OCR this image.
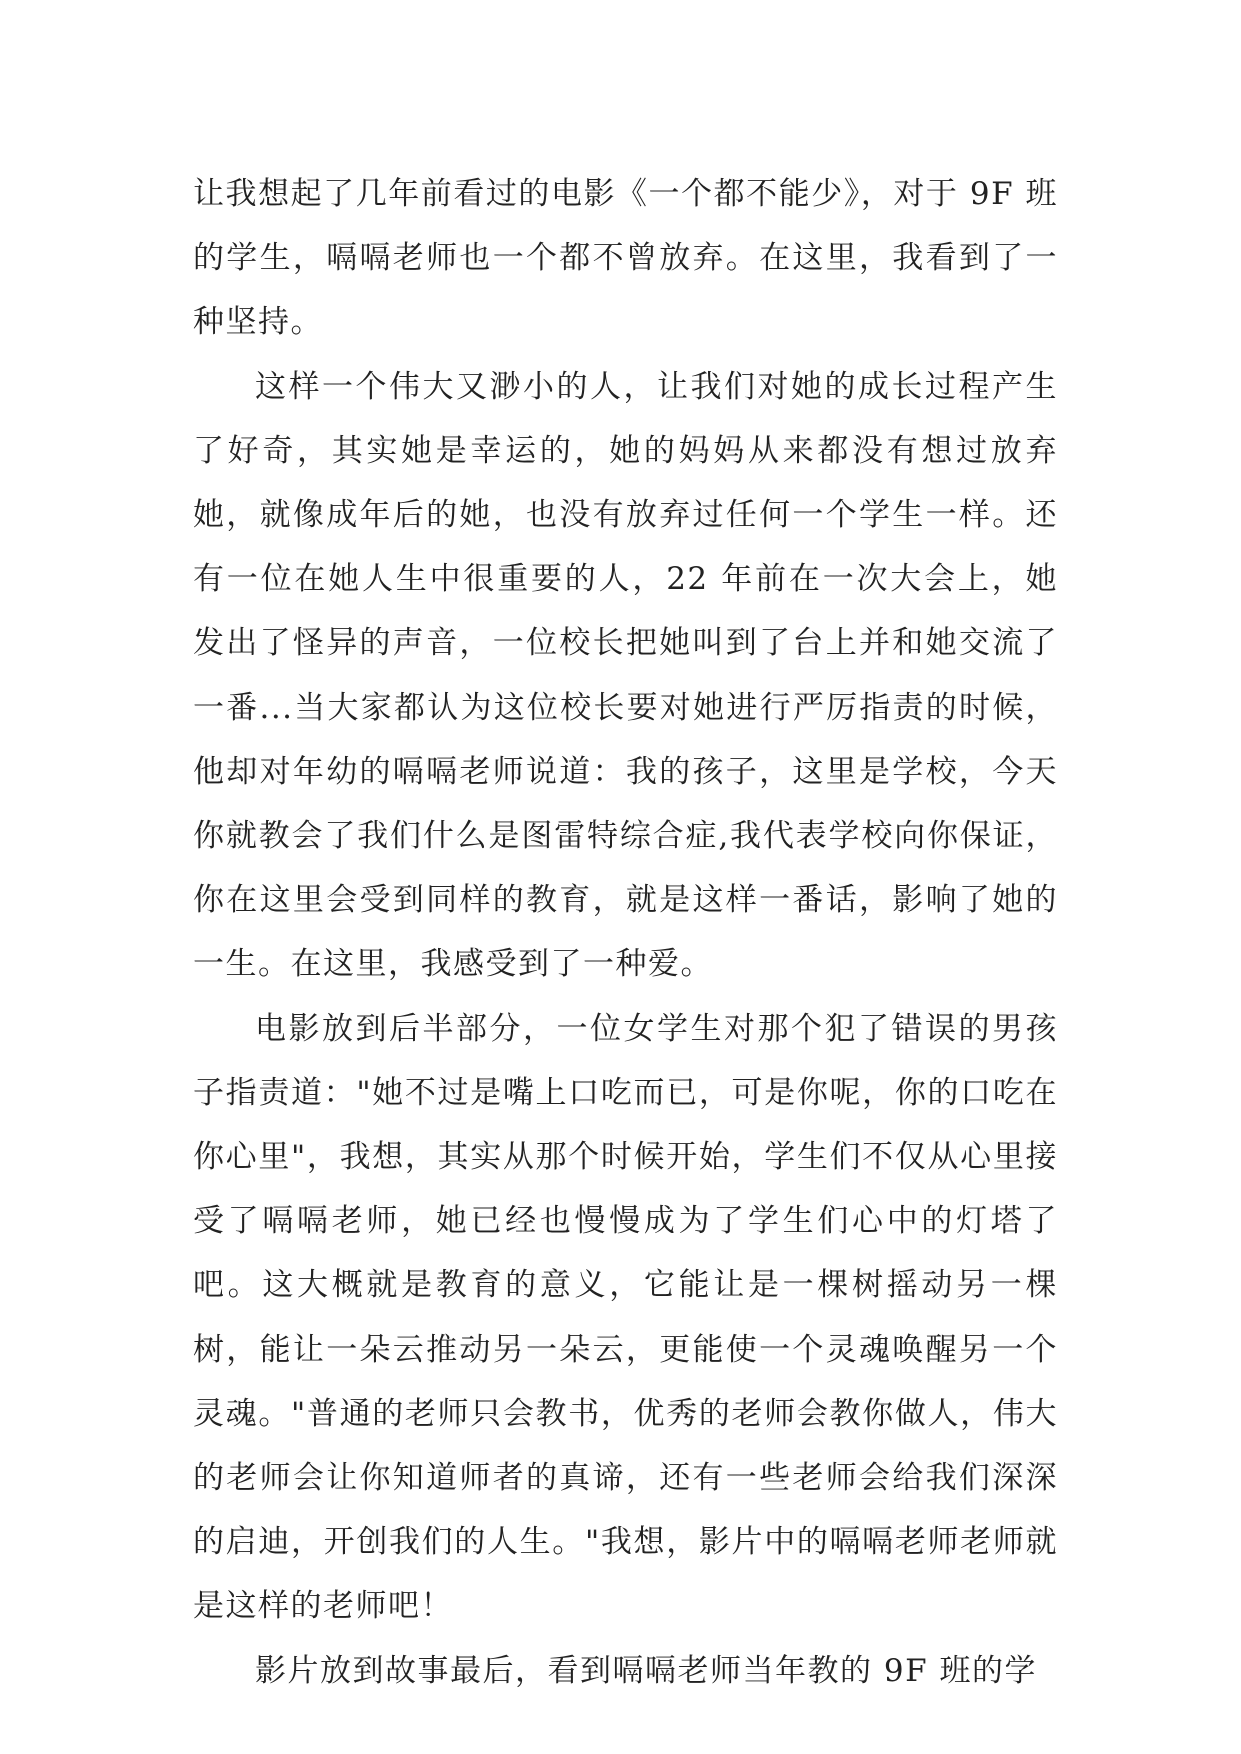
让我想起了几年前看过的电影《一个都不能少》，对于 9F 班的学生，嗝嗝老师也一个都不曾放弃。在这里，我看到了一种坚持。

这样一个伟大又渺小的人，让我们对她的成长过程产生了好奇，其实她是幸运的，她的妈妈从来都没有想过放弃她，就像成年后的她，也没有放弃过任何一个学生一样。还有一位在她人生中很重要的人，22 年前在一次大会上，她发出了怪异的声音，一位校长把她叫到了台上并和她交流了一番...当大家都认为这位校长要对她进行严厉指责的时候，他却对年幼的嗝嗝老师说道：我的孩子，这里是学校，今天你就教会了我们什么是图雷特综合症,我代表学校向你保证，你在这里会受到同样的教育，就是这样一番话，影响了她的一生。在这里，我感受到了一种爱。

电影放到后半部分，一位女学生对那个犯了错误的男孩子指责道："她不过是嘴上口吃而已，可是你呢，你的口吃在你心里"，我想，其实从那个时候开始，学生们不仅从心里接受了嗝嗝老师，她已经也慢慢成为了学生们心中的灯塔了吧。这大概就是教育的意义，它能让是一棵树摇动另一棵树，能让一朵云推动另一朵云，更能使一个灵魂唤醒另一个灵魂。"普通的老师只会教书，优秀的老师会教你做人，伟大的老师会让你知道师者的真谛，还有一些老师会给我们深深的启迪，开创我们的人生。"我想，影片中的嗝嗝老师老师就是这样的老师吧！

影片放到故事最后，看到嗝嗝老师当年教的 9F 班的学
